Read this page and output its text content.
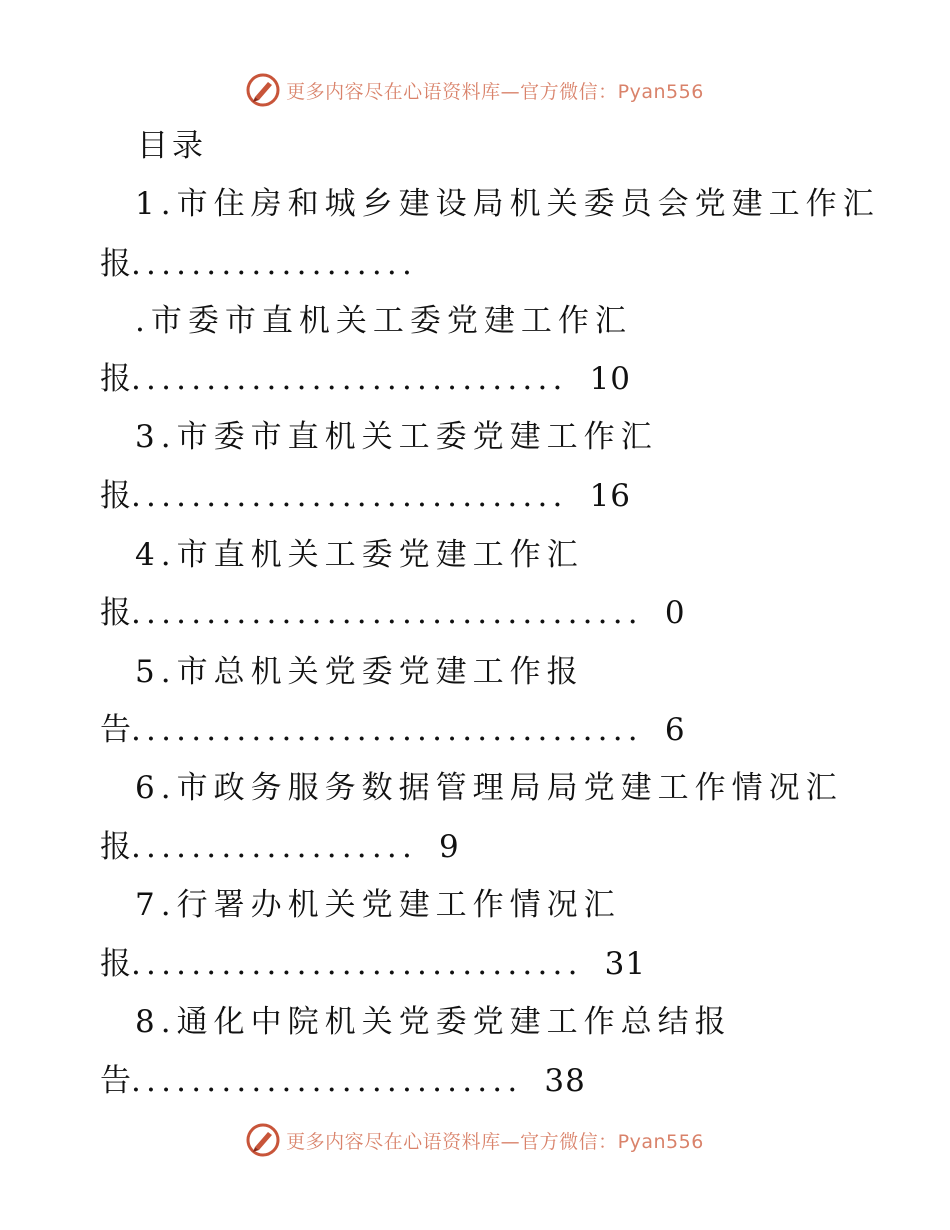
更多内容尽在心语资料库—官方微信：Pyan556
目录
1.市住房和城乡建设局机关委员会党建工作汇
报...................
.市委市直机关工委党建工作汇
报............................. 10
3.市委市直机关工委党建工作汇
报............................. 16
4.市直机关工委党建工作汇
报.................................. 0
5.市总机关党委党建工作报
告.................................. 6
6.市政务服务数据管理局局党建工作情况汇
报................... 9
7.行署办机关党建工作情况汇
报.............................. 31
8.通化中院机关党委党建工作总结报
告.......................... 38
更多内容尽在心语资料库—官方微信：Pyan556
